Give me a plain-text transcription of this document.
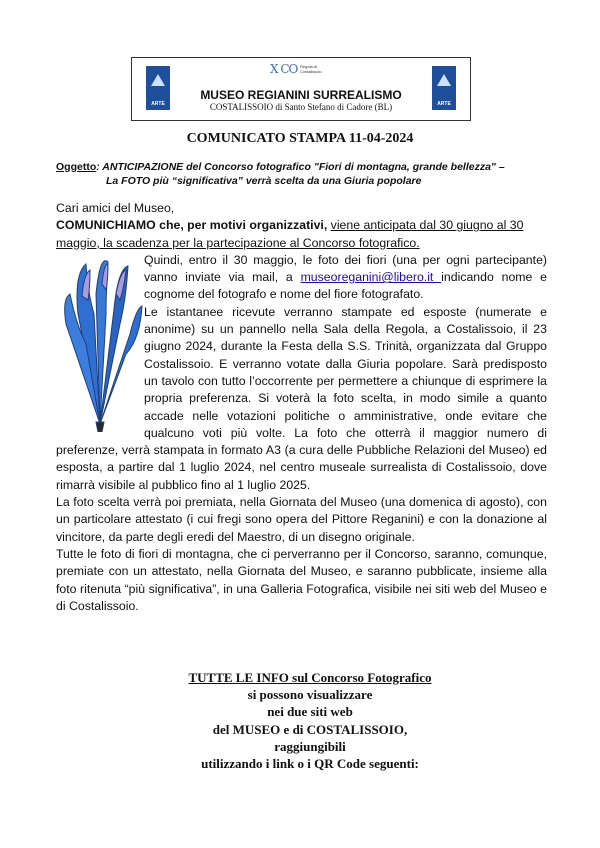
ARTE
X CO Regola di Costalissoio
MUSEO REGIANINI SURREALISMO
COSTALISSOIO di Santo Stefano di Cadore (BL)	ARTE
COMUNICATO STAMPA 11-04-2024
Oggetto: ANTICIPAZIONE del Concorso fotografico "Fiori di montagna, grande bellezza" –
La FOTO più “significativa” verrà scelta da una Giuria popolare

Cari amici del Museo,

COMUNICHIAMO che, per motivi organizzativi, viene anticipata dal 30 giugno al 30 maggio, la scadenza per la partecipazione al Concorso fotografico.

Quindi, entro il 30 maggio, le foto dei fiori (una per ogni partecipante) vanno inviate via mail, a museoreganini@libero.it indicando nome e cognome del fotografo e nome del fiore fotografato.

Le istantanee ricevute verranno stampate ed esposte (numerate e anonime) su un pannello nella Sala della Regola, a Costalissoio, il 23 giugno 2024, durante la Festa della S.S. Trinità, organizzata dal Gruppo Costalissoio. E verranno votate dalla Giuria popolare. Sarà predisposto un tavolo con tutto l’occorrente per permettere a chiunque di esprimere la propria preferenza. Si voterà la foto scelta, in modo simile a quanto accade nelle votazioni politiche o amministrative, onde evitare che qualcuno voti più volte. La foto che otterrà il maggior numero di preferenze, verrà stampata in formato A3 (a cura delle Pubbliche Relazioni del Museo) ed esposta, a partire dal 1 luglio 2024, nel centro museale surrealista di Costalissoio, dove rimarrà visibile al pubblico fino al 1 luglio 2025.

La foto scelta verrà poi premiata, nella Giornata del Museo (una domenica di agosto), con un particolare attestato (i cui fregi sono opera del Pittore Reganini) e con la donazione al vincitore, da parte degli eredi del Maestro, di un disegno originale.

Tutte le foto di fiori di montagna, che ci perverranno per il Concorso, saranno, comunque, premiate con un attestato, nella Giornata del Museo, e saranno pubblicate, insieme alla foto ritenuta “più significativa”, in una Galleria Fotografica, visibile nei siti web del Museo e di Costalissoio.

TUTTE LE INFO sul Concorso Fotografico
si possono visualizzare
nei due siti web
del MUSEO e di COSTALISSOIO,
raggiungibili
utilizzando i link o i QR Code seguenti:
